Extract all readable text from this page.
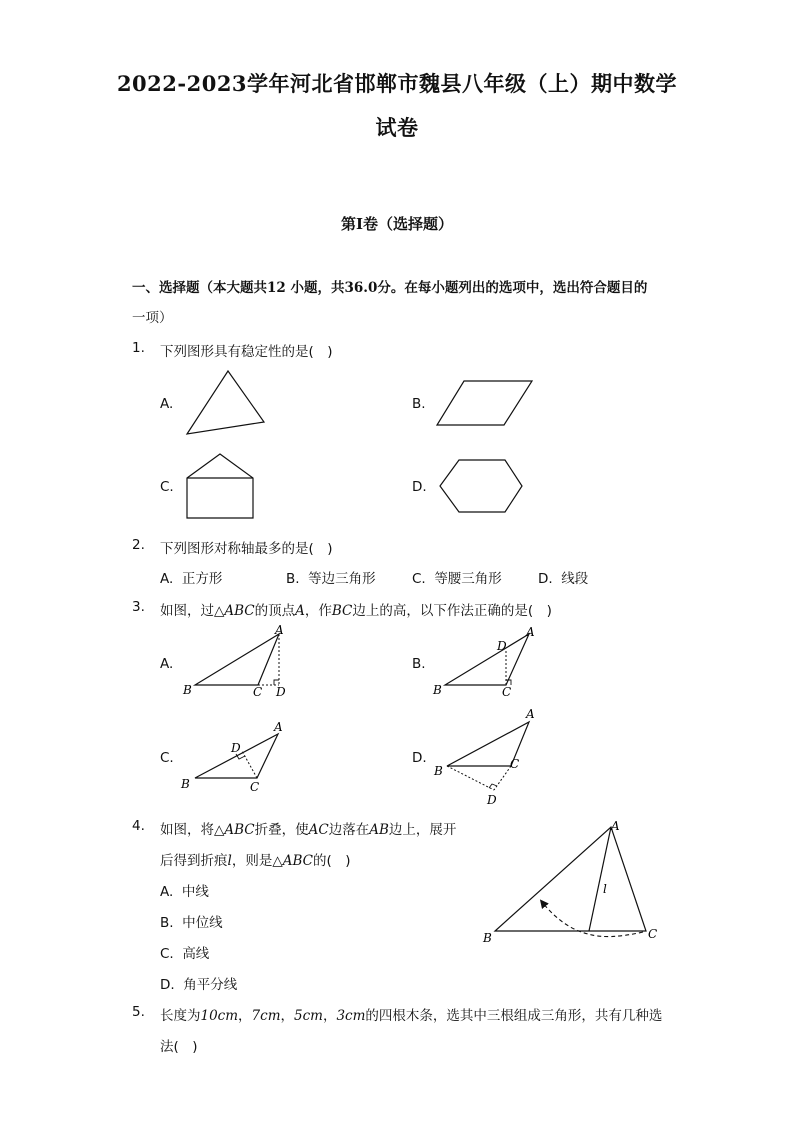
2022-2023学年河北省邯郸市魏县八年级（上）期中数学
试卷
第Ⅰ卷（选择题）
一、选择题（本大题共12 小题，共36.0分。在每小题列出的选项中，选出符合题目的
一项）
1. 下列图形具有稳定性的是(　)
A.	B.
C.	D.
2. 下列图形对称轴最多的是(　)
A. 正方形	B. 等边三角形	C. 等腰三角形	D. 线段
3. 如图，过△ABC的顶点A，作BC边上的高，以下作法正确的是(　)
A.
A
B	C D
B.
A
D
B	C
C.
A
D
B	C
D.
A
B	C
D
4. 如图，将△ABC折叠，使AC边落在AB边上，展开
后得到折痕l，则是△ABC的(　)
A. 中线
B. 中位线
C. 高线
D. 角平分线
A
B	C
l
5. 长度为10cm，7cm，5cm，3cm的四根木条，选其中三根组成三角形，共有几种选
法(　)
